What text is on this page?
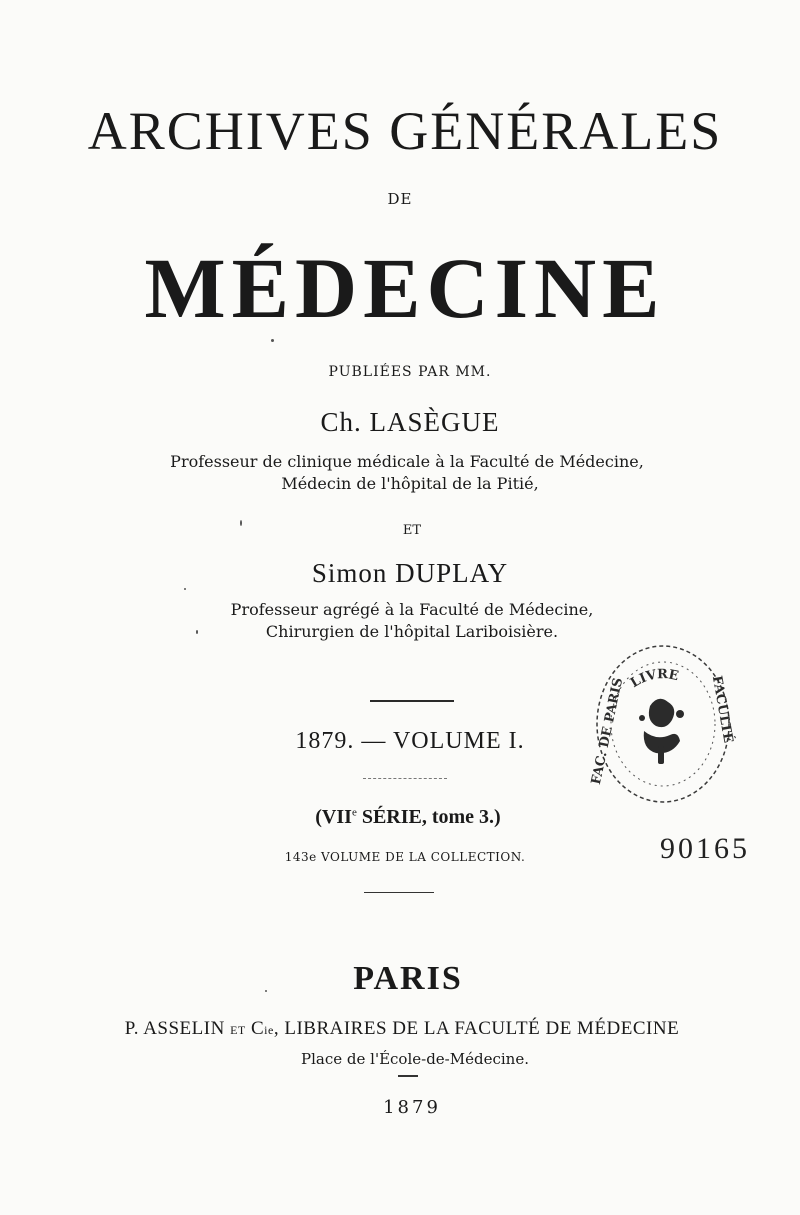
ARCHIVES GÉNÉRALES
DE
MÉDECINE
PUBLIÉES PAR MM.
Ch. LASÈGUE
Professeur de clinique médicale à la Faculté de Médecine,
Médecin de l'hôpital de la Pitié,
ET
Simon DUPLAY
Professeur agrégé à la Faculté de Médecine,
Chirurgien de l'hôpital Lariboisière.
1879. — VOLUME I.
(VIIe SÉRIE, tome 3.)
143e VOLUME DE LA COLLECTION.
PARIS
P. ASSELIN ET Cie, LIBRAIRES DE LA FACULTÉ DE MÉDECINE
Place de l'École-de-Médecine.
1879
90165
LIVRE
FAC. DE PARIS	FACULTÉ
